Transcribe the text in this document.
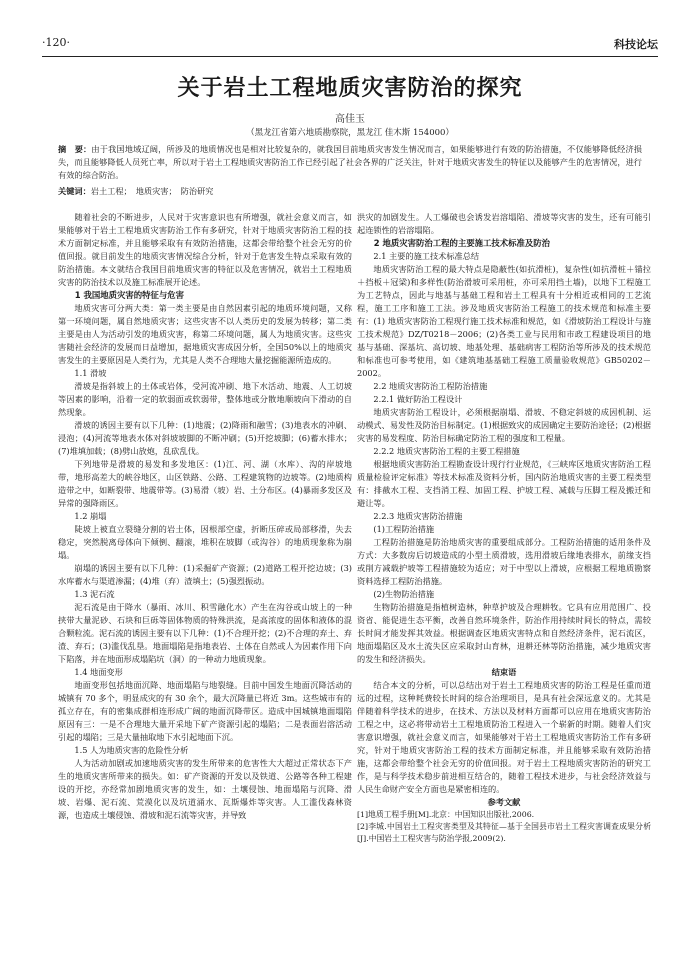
·120·	科技论坛
关于岩土工程地质灾害防治的探究
高佳玉
（黑龙江省第六地质勘察院，黑龙江 佳木斯 154000）
摘　要：由于我国地域辽阔，所涉及的地质情况也是相对比较复杂的，就我国目前地质灾害发生情况而言，如果能够进行有效的防治措施，不仅能够降低经济损失，而且能够降低人员死亡率，所以对于岩土工程地质灾害防治工作已经引起了社会各界的广泛关注，针对于地质灾害发生的特征以及能够产生的危害情况，进行有效的综合防治。
关键词：岩土工程； 地质灾害； 防治研究

随着社会的不断进步，人民对于灾害意识也有所增强，就社会意义而言，如果能够对于岩土工程地质灾害防治工作有多研究，针对于地质灾害防治工程的技术方面制定标准，并且能够采取有有效防治措施，这都会带给整个社会无穷的价值回报。就目前发生的地质灾害情况综合分析，针对于危害发生特点采取有效的防治措施。本文就结合我国目前地质灾害的特征以及危害情况，就岩土工程地质灾害的防治技术以及施工标准展开论述。

1 我国地质灾害的特征与危害

地质灾害可分两大类：第一类主要是由自然因素引起的地质环境问题，又称第一环境问题，属自然地质灾害；这些灾害不以人类历史的发展为转移；第二类主要是由人为活动引发的地质灾害，称第二环境问题，属人为地质灾害。这些灾害随社会经济的发展而日益增加，据地质灾害成因分析，全国50%以上的地质灾害发生的主要原因是人类行为，尤其是人类不合理地大量挖掘能源所造成的。

1.1 滑坡

滑坡是指斜坡上的土体或岩体，受河流冲刷、地下水活动、地震、人工切坡等因素的影响，沿着一定的软弱面或软弱带，整体地或分散地顺坡向下滑动的自然现象。

滑坡的诱因主要有以下几种：(1)地震；(2)降雨和融雪；(3)地表水的冲刷、浸泡；(4)河流等地表水体对斜坡坡脚的不断冲刷；(5)开挖坡脚；(6)蓄水排水；(7)堆填加载；(8)劈山放炮，乱砍乱伐。

下列地带是滑坡的易发和多发地区：(1)江、河、湖（水库）、沟的岸坡地带，地形高差大的峡谷地区，山区铁路、公路、工程建筑物的边坡等。(2)地质构造带之中，如断裂带、地震带等。(3)易滑（坡）岩、土分布区。(4)暴雨多发区及异常的强降雨区。

1.2 崩塌

陡坡上被直立裂缝分割的岩土体，因根部空虚，折断压碎或局部移滑，失去稳定，突然脱离母体向下倾倒、翻滚，堆积在坡脚（或沟谷）的地质现象称为崩塌。

崩塌的诱因主要有以下几种：(1)采掘矿产资源；(2)道路工程开挖边坡；(3)水库蓄水与渠道渗漏；(4)堆（弃）渣填土；(5)强烈振动。

1.3 泥石流

泥石流是由于降水（暴雨、冰川、积雪融化水）产生在沟谷或山坡上的一种挟带大量泥砂、石块和巨砾等固体物质的特殊洪流，是高浓度的固体和液体的混合颗粒流。泥石流的诱因主要有以下几种：(1)不合理开挖；(2)不合理的弃土、弃渣、弃石；(3)滥伐乱垦。地面塌陷是指地表岩、土体在自然或人为因素作用下向下陷落，并在地面形成塌陷坑（洞）的一种动力地质现象。

1.4 地面变形

地面变形包括地面沉降、地面塌陷与地裂缝。目前中国发生地面沉降活动的城镇有 70 多个，明显成灾的有 30 余个，最大沉降量已将近 3m。这些城市有的孤立存在，有的密集成群相连形成广阔的地面沉降带区。造成中国城镇地面塌陷原因有三：一是不合理地大量开采地下矿产资源引起的塌陷；二是表面岩溶活动引起的塌陷；三是大量抽取地下水引起地面下沉。

1.5 人为地质灾害的危险性分析

人为活动加剧或加速地质灾害的发生所带来的危害性大大超过正常状态下产生的地质灾害所带来的损失。如：矿产资源的开发以及铁道、公路等各种工程建设的开挖，亦经常加剧地质灾害的发生，如：土壤侵蚀、地面塌陷与沉降、滑坡、岩爆、泥石流、荒漠化以及坑道涌水、瓦斯爆炸等灾害。人工滥伐森林资源，也造成土壤侵蚀、滑坡和泥石流等灾害，并导致

洪灾的加剧发生。人工爆破也会诱发岩溶塌陷、滑坡等灾害的发生，还有可能引起连锁性的岩溶塌陷。

2 地质灾害防治工程的主要施工技术标准及防治
2.1 主要的施工技术标准总结

地质灾害防治工程的最大特点是隐蔽性(如抗滑桩)，复杂性(如抗滑桩＋锚拉＋挡板＋冠梁)和多样性(防治滑坡可采用桩，亦可采用挡土墙)，以地下工程施工为工艺特点，因此与地基与基础工程和岩土工程具有十分相近或相同的工艺流程，施工工序和施工工法。涉及地质灾害防治工程施工的技术规范和标准主要有：(1) 地质灾害防治工程现行施工技术标准和规范，如《滑坡防治工程设计与施工技术规范》DZ/T0218－2006；(2)各类工业与民用和市政工程建设项目的地基与基础、深基坑、高切坡、地基处理、基础病害工程防治等所涉及的技术规范和标准也可参考使用，如《建筑地基基础工程施工质量验收规范》GB50202－2002。

2.2 地质灾害防治工程防治措施
2.2.1 做好防治工程设计

地质灾害防治工程设计，必须根据崩塌、滑坡、不稳定斜坡的成因机制、运动模式、易发性及防治目标制定。(1)根据致灾的成因确定主要防治途径；(2)根据灾害的易发程度、防治目标确定防治工程的强度和工程量。

2.2.2 地质灾害防治工程的主要工程措施

根据地质灾害防治工程勘查设计现行行业规范，《三峡库区地质灾害防治工程质量检验评定标准》等技术标准及资料分析，国内防治地质灾害的主要工程类型有：排截水工程、支挡消工程、加固工程、护坡工程、减载与压脚工程及搬迁和避让等。

2.2.3 地质灾害防治措施
(1)工程防治措施

工程防治措施是防治地质灾害的重要组成部分。工程防治措施的适用条件及方式：大多数房后切坡造成的小型土质滑坡，选用滑坡后缘地表排水，前缘支挡或削方减载护坡等工程措施较为适应；对于中型以上滑坡，应根据工程地质勘察资料选择工程防治措施。

(2)生物防治措施

生物防治措施是指植树造林，种草护坡及合理耕牧。它具有应用范围广、投资省、能促进生态平衡，改善自然环境条件，防治作用持续时间长的特点，需较长时间才能发挥其效益。根据调查区地质灾害特点和自然经济条件，泥石流区，地面塌陷区及水土流失区应采取封山育林，退耕还林等防治措施，减少地质灾害的发生和经济损失。

结束语

结合本文的分析，可以总结出对于岩土工程地质灾害的防治工程是任重而道远的过程，这种耗费较长时间的综合治理项目，是具有社会深远意义的。尤其是伴随着科学技术的进步，在技术、方法以及材料方面都可以应用在地质灾害防治工程之中，这必将带动岩土工程地质防治工程进入一个崭新的时期。随着人们灾害意识增强，就社会意义而言，如果能够对于岩土工程地质灾害防治工作有多研究，针对于地质灾害防治工程的技术方面制定标准，并且能够采取有效防治措施，这都会带给整个社会无穷的价值回报。对于岩土工程地质灾害防治的研究工作，是与科学技术稳步前进相互结合的，随着工程技术进步，与社会经济效益与人民生命财产安全方面也是紧密相连的。

参考文献

[1]地质工程手册[M].北京：中国知识出版社,2006.

[2]李城.中国岩土工程灾害类型及其特征—基于全国县市岩土工程灾害调查成果分析[J].中国岩土工程灾害与防治学报,2009(2).
